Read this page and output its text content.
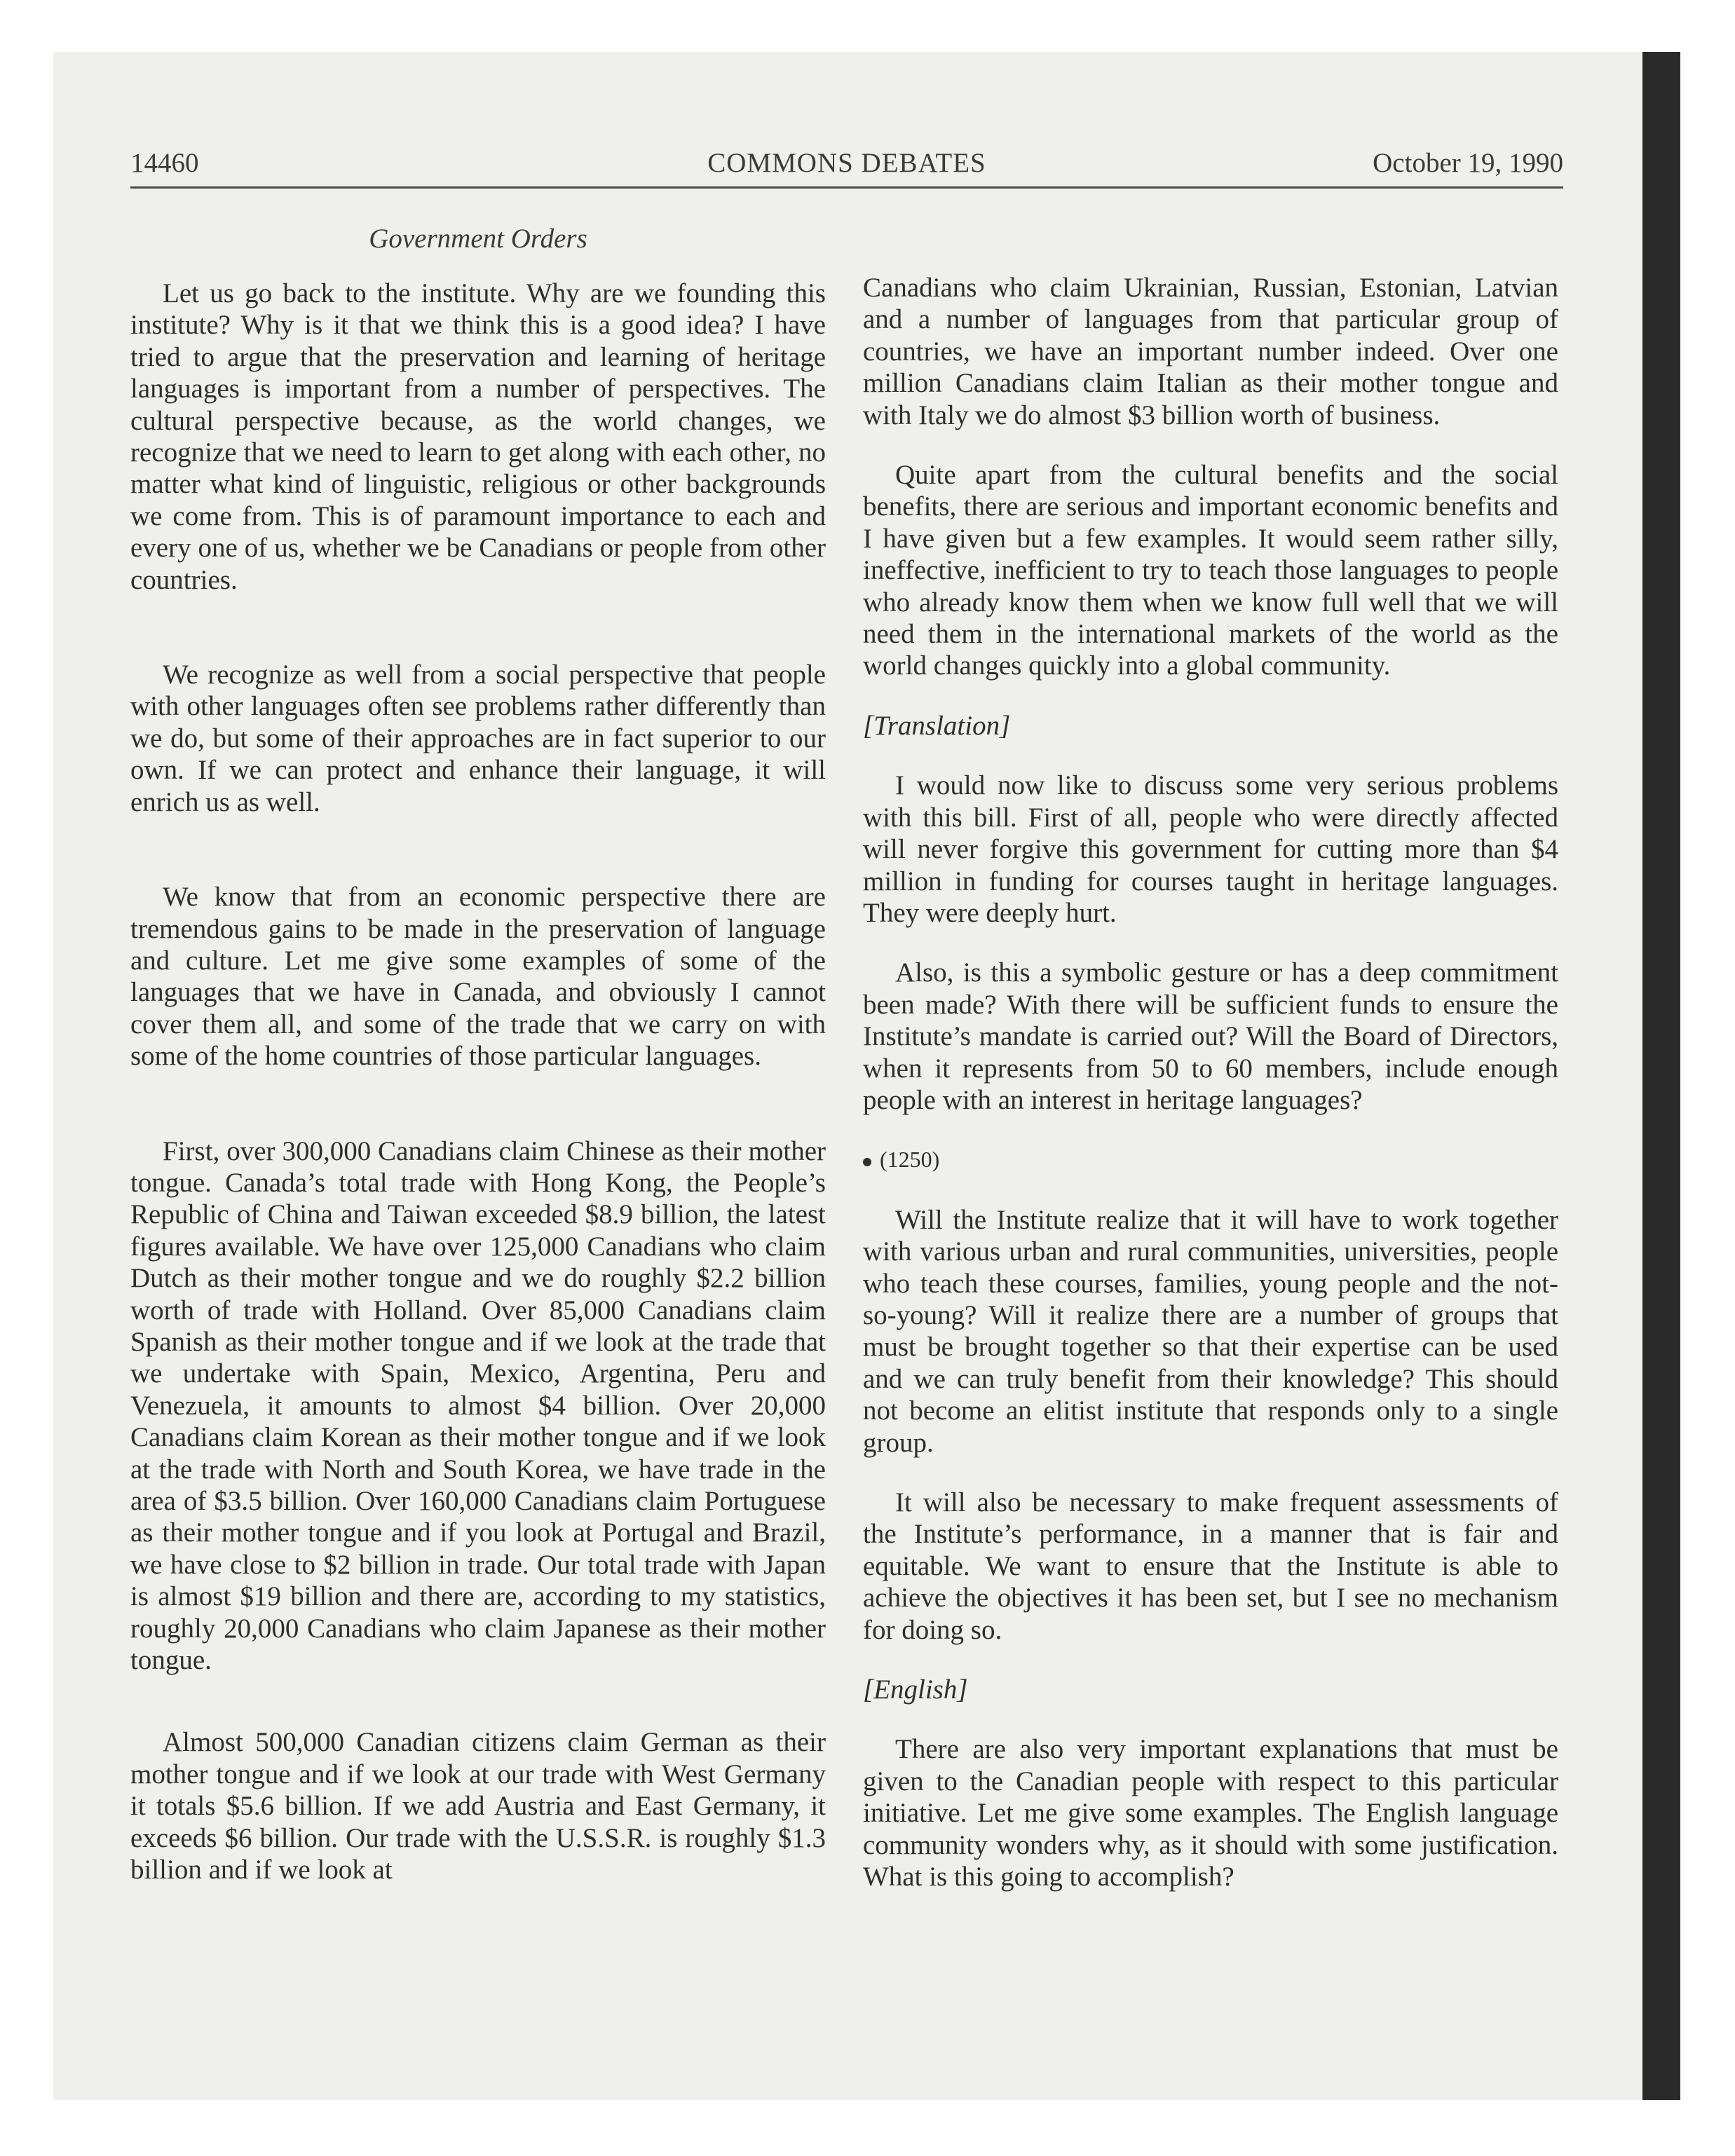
14460	COMMONS DEBATES	October 19, 1990
Government Orders

Let us go back to the institute. Why are we founding this institute? Why is it that we think this is a good idea? I have tried to argue that the preservation and learning of heritage languages is important from a number of perspectives. The cultural perspective because, as the world changes, we recognize that we need to learn to get along with each other, no matter what kind of linguistic, religious or other backgrounds we come from. This is of paramount importance to each and every one of us, whether we be Canadians or people from other countries.

We recognize as well from a social perspective that people with other languages often see problems rather differently than we do, but some of their approaches are in fact superior to our own. If we can protect and enhance their language, it will enrich us as well.

We know that from an economic perspective there are tremendous gains to be made in the preservation of language and culture. Let me give some examples of some of the languages that we have in Canada, and obviously I cannot cover them all, and some of the trade that we carry on with some of the home countries of those particular languages.

First, over 300,000 Canadians claim Chinese as their mother tongue. Canada’s total trade with Hong Kong, the People’s Republic of China and Taiwan exceeded $8.9 billion, the latest figures available. We have over 125,000 Canadians who claim Dutch as their mother tongue and we do roughly $2.2 billion worth of trade with Holland. Over 85,000 Canadians claim Spanish as their mother tongue and if we look at the trade that we undertake with Spain, Mexico, Argentina, Peru and Venezuela, it amounts to almost $4 billion. Over 20,000 Canadians claim Korean as their mother tongue and if we look at the trade with North and South Korea, we have trade in the area of $3.5 billion. Over 160,000 Canadians claim Portuguese as their mother tongue and if you look at Portugal and Brazil, we have close to $2 billion in trade. Our total trade with Japan is almost $19 billion and there are, according to my statistics, roughly 20,000 Canadians who claim Japanese as their mother tongue.

Almost 500,000 Canadian citizens claim German as their mother tongue and if we look at our trade with West Germany it totals $5.6 billion. If we add Austria and East Germany, it exceeds $6 billion. Our trade with the U.S.S.R. is roughly $1.3 billion and if we look at

Canadians who claim Ukrainian, Russian, Estonian, Latvian and a number of languages from that particular group of countries, we have an important number indeed. Over one million Canadians claim Italian as their mother tongue and with Italy we do almost $3 billion worth of business.

Quite apart from the cultural benefits and the social benefits, there are serious and important economic benefits and I have given but a few examples. It would seem rather silly, ineffective, inefficient to try to teach those languages to people who already know them when we know full well that we will need them in the international markets of the world as the world changes quickly into a global community.

[Translation]

I would now like to discuss some very serious problems with this bill. First of all, people who were directly affected will never forgive this government for cutting more than $4 million in funding for courses taught in heritage languages. They were deeply hurt.

Also, is this a symbolic gesture or has a deep commitment been made? With there will be sufficient funds to ensure the Institute’s mandate is carried out? Will the Board of Directors, when it represents from 50 to 60 members, include enough people with an interest in heritage languages?

(1250)

Will the Institute realize that it will have to work together with various urban and rural communities, universities, people who teach these courses, families, young people and the not-so-young? Will it realize there are a number of groups that must be brought together so that their expertise can be used and we can truly benefit from their knowledge? This should not become an elitist institute that responds only to a single group.

It will also be necessary to make frequent assessments of the Institute’s performance, in a manner that is fair and equitable. We want to ensure that the Institute is able to achieve the objectives it has been set, but I see no mechanism for doing so.

[English]

There are also very important explanations that must be given to the Canadian people with respect to this particular initiative. Let me give some examples. The English language community wonders why, as it should with some justification. What is this going to accomplish?
